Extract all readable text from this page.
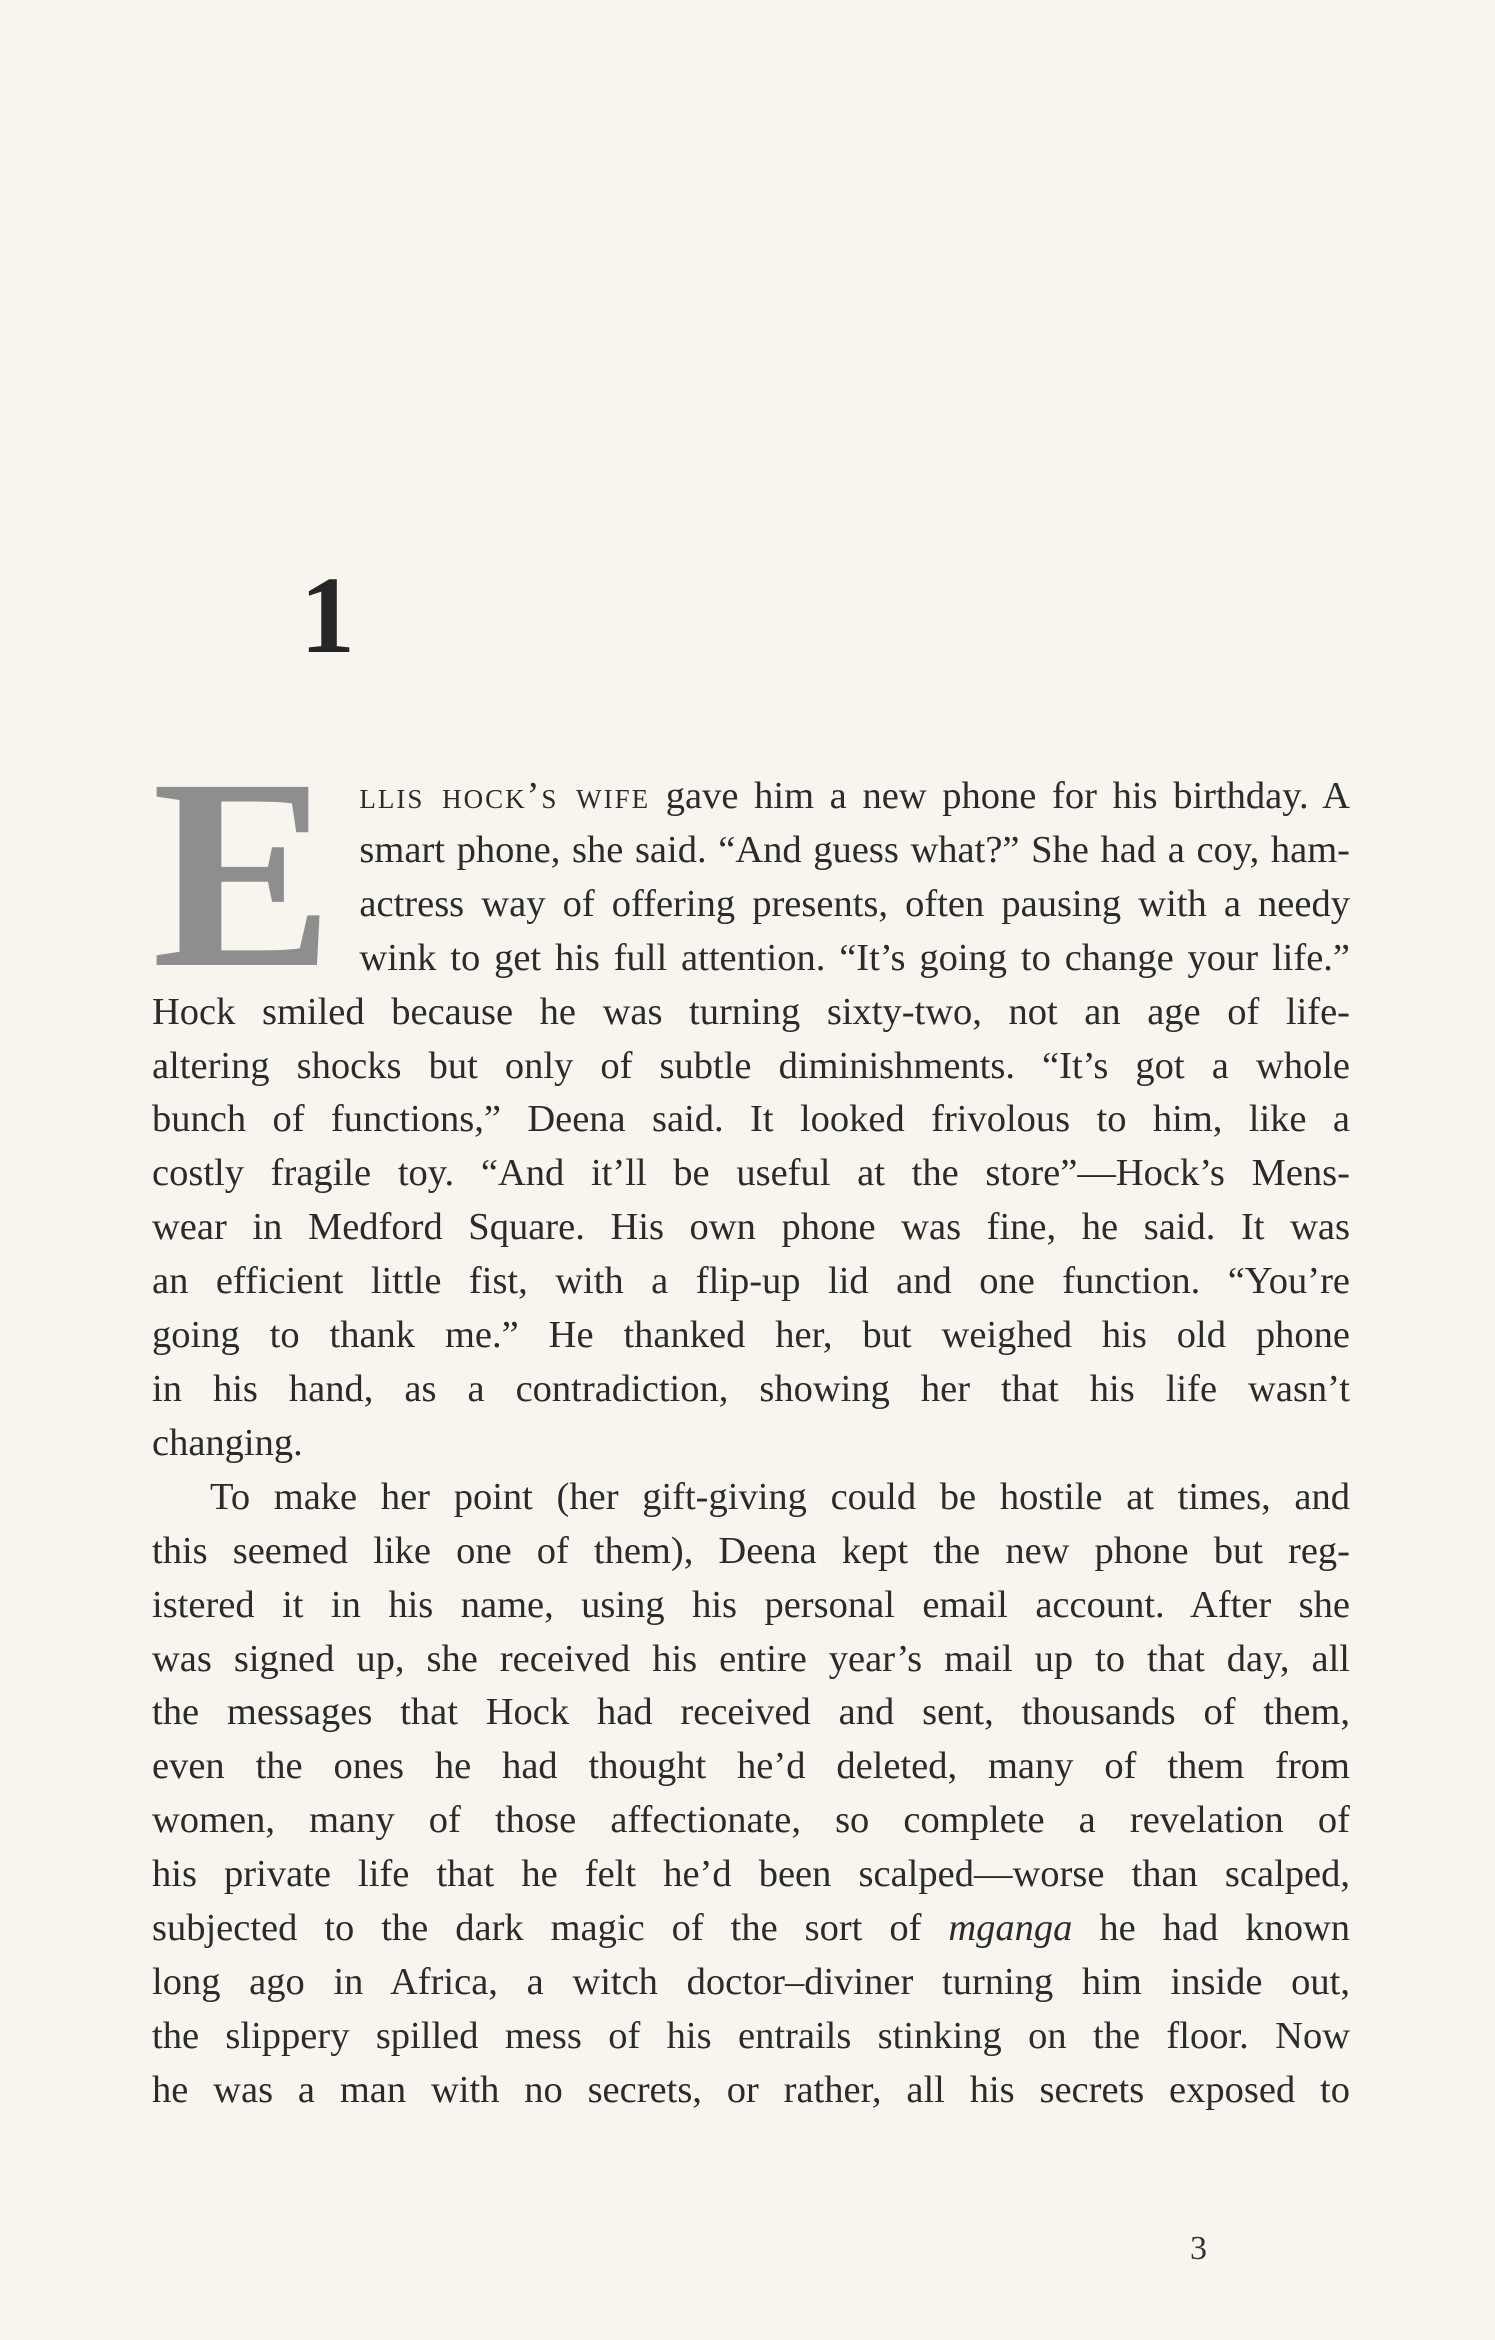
1
E llis hock’s wife gave him a new phone for his birthday. A
smart phone, she said. “And guess what?” She had a coy, ham-
actress way of offering presents, often pausing with a needy
wink to get his full attention. “It’s going to change your life.”
Hock smiled because he was turning sixty-two, not an age of life-
altering shocks but only of subtle diminishments. “It’s got a whole
bunch of functions,” Deena said. It looked frivolous to him, like a
costly fragile toy. “And it’ll be useful at the store”—Hock’s Mens-
wear in Medford Square. His own phone was fine, he said. It was
an efficient little fist, with a flip-up lid and one function. “You’re
going to thank me.” He thanked her, but weighed his old phone
in his hand, as a contradiction, showing her that his life wasn’t
changing.
To make her point (her gift-giving could be hostile at times, and
this seemed like one of them), Deena kept the new phone but reg-
istered it in his name, using his personal email account. After she
was signed up, she received his entire year’s mail up to that day, all
the messages that Hock had received and sent, thousands of them,
even the ones he had thought he’d deleted, many of them from
women, many of those affectionate, so complete a revelation of
his private life that he felt he’d been scalped—worse than scalped,
subjected to the dark magic of the sort of mganga he had known
long ago in Africa, a witch doctor–diviner turning him inside out,
the slippery spilled mess of his entrails stinking on the floor. Now
he was a man with no secrets, or rather, all his secrets exposed to
3
